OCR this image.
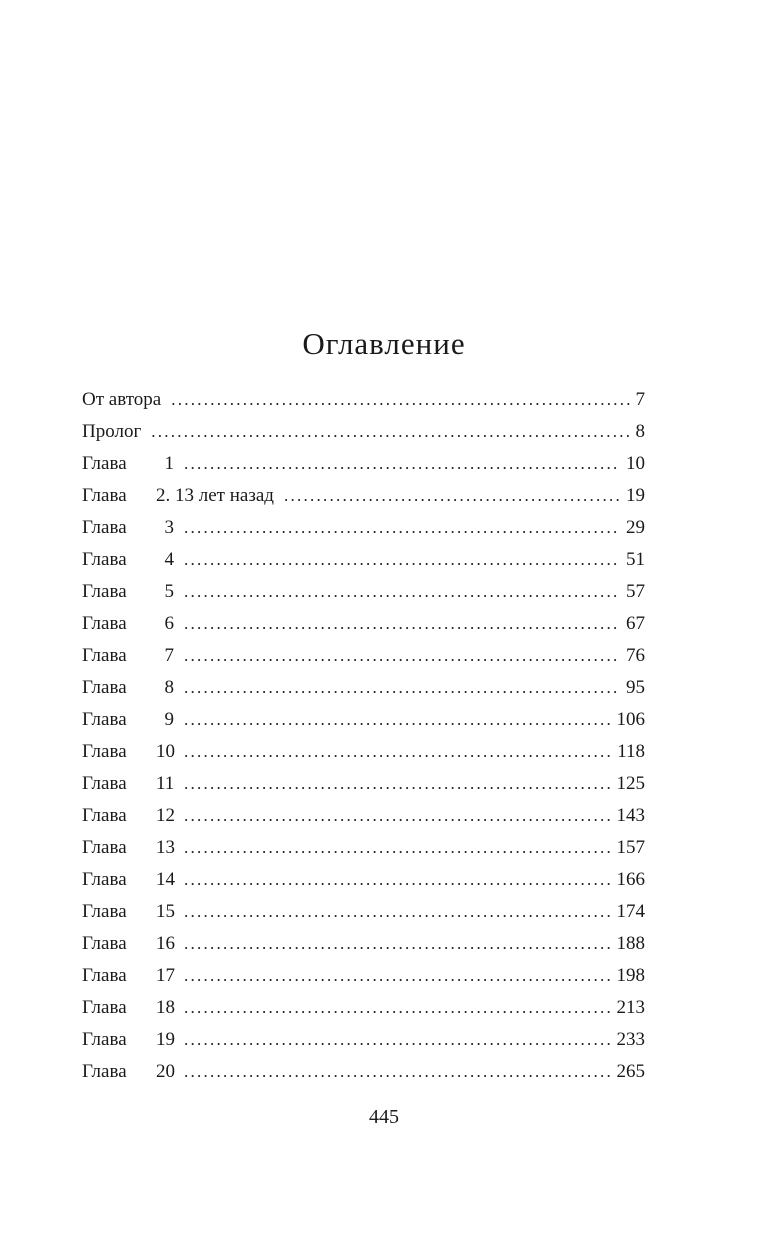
Оглавление
От автора . . .	7
Пролог . . .	8
Глава 1 . . .	10
Глава 2. 13 лет назад . . .	19
Глава 3 . . .	29
Глава 4 . . .	51
Глава 5 . . .	57
Глава 6 . . .	67
Глава 7 . . .	76
Глава 8 . . .	95
Глава 9 . . .	106
Глава 10 . . .	118
Глава 11 . . .	125
Глава 12 . . .	143
Глава 13 . . .	157
Глава 14 . . .	166
Глава 15 . . .	174
Глава 16 . . .	188
Глава 17 . . .	198
Глава 18 . . .	213
Глава 19 . . .	233
Глава 20 . . .	265
445
